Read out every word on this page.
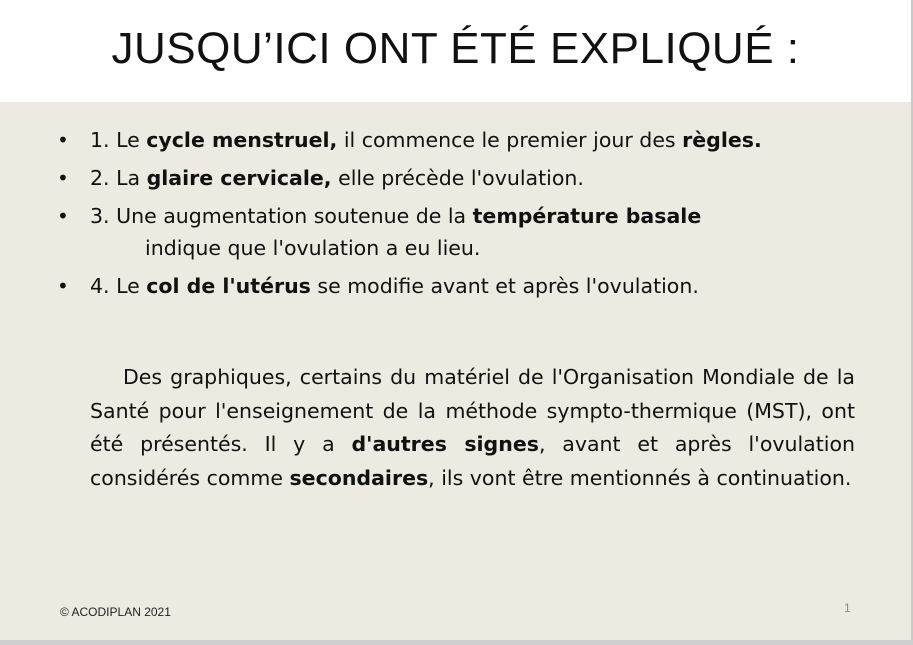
JUSQU’ICI ONT ÉTÉ EXPLIQUÉ :
• 1. Le cycle menstruel, il commence le premier jour des règles.
• 2. La glaire cervicale, elle précède l'ovulation.
• 3. Une augmentation soutenue de la température basale
indique que l'ovulation a eu lieu.
• 4. Le col de l'utérus se modifie avant et après l'ovulation.

Des graphiques, certains du matériel de l'Organisation Mondiale de la Santé pour l'enseignement de la méthode sympto-thermique (MST), ont été présentés. Il y a d'autres signes, avant et après l'ovulation considérés comme secondaires, ils vont être mentionnés à continuation.

© ACODIPLAN 2021	1
